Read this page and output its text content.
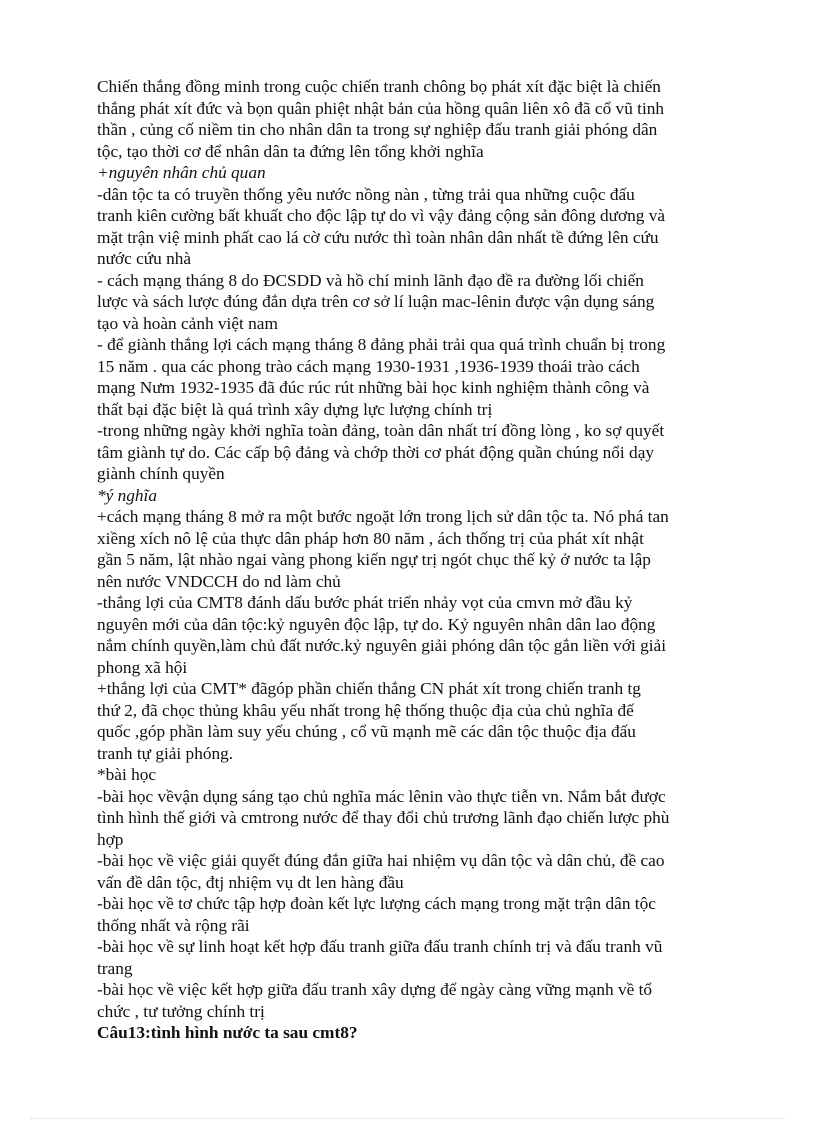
Chiến thắng đồng minh trong cuộc chiến tranh chông bọ phát xít đặc biệt là chiến
thắng phát xít đức và bọn quân phiệt nhật bản của hồng quân liên xô đã cổ vũ tinh
thần , củng cố niềm tin cho nhân dân ta trong sự nghiệp đấu tranh giải phóng dân
tộc, tạo thời cơ để nhân dân ta đứng lên tổng khởi nghĩa
+nguyên nhân chủ quan
-dân tộc ta có truyền thống yêu nước nồng nàn , từng trải qua những cuộc đấu
tranh kiên cường bất khuất cho độc lập tự do vì vậy đảng cộng sản đông dương và
mặt trận việ minh phất cao lá cờ cứu nước thì toàn nhân dân nhất tề đứng lên cứu
nước cứu nhà
- cách mạng tháng 8 do ĐCSDD và hồ chí minh lãnh đạo đề ra đường lối chiến
lược và sách lược đúng đắn dựa trên cơ sở lí luận mac-lênin được vận dụng sáng
tạo và hoàn cảnh việt nam
- để giành thắng lợi cách mạng tháng 8 đảng phải trải qua quá trình chuẩn bị trong
15 năm . qua các phong trào cách mạng 1930-1931 ,1936-1939 thoái trào cách
mạng Nưm 1932-1935 đã đúc rúc rút những bài học kinh nghiệm thành công và
thất bại đặc biệt là quá trình xây dựng lực lượng chính trị
-trong những ngày khởi nghĩa toàn đảng, toàn dân nhất trí đồng lòng , ko sợ quyết
tâm giành tự do. Các cấp bộ đảng và chớp thời cơ phát động quần chúng nổi dạy
giành chính quyền
*ý nghĩa
+cách mạng tháng 8 mở ra một bước ngoặt lớn trong lịch sử dân tộc ta. Nó phá tan
xiềng xích nô lệ của thực dân pháp hơn 80 năm , ách thống trị của phát xít nhật
gần 5 năm, lật nhào ngai vàng phong kiến ngự trị ngót chục thế kỷ ở nước ta lập
nên nước VNDCCH do nd làm chủ
-thắng lợi của CMT8 đánh dấu bước phát triển nhảy vọt của cmvn mở đầu kỷ
nguyên mới của dân tộc:kỷ nguyên độc lập, tự do. Kỷ nguyên nhân dân lao động
nắm chính quyền,làm chủ đất nước.kỷ nguyên giải phóng dân tộc gắn liền với giải
phong xã hội
+thắng lợi của CMT* đãgóp phần chiến thắng CN phát xít trong chiến tranh tg
thứ 2, đã chọc thủng khâu yếu nhất trong hệ thống thuộc địa của chủ nghĩa đế
quốc ,góp phần làm suy yếu chúng , cổ vũ mạnh mẽ các dân tộc thuộc địa đấu
tranh tự giải phóng.
*bài học
-bài học vềvận dụng sáng tạo chủ nghĩa mác lênin vào thực tiễn vn. Nắm bắt được
tình hình thế giới và cmtrong nước để thay đổi chủ trương lãnh đạo chiến lược phù
hợp
-bài học về việc giải quyết đúng đắn giữa hai nhiệm vụ dân tộc và dân chủ, đề cao
vấn đề dân tộc, đtj nhiệm vụ dt len hàng đầu
-bài học về tơ chức tập hợp đoàn kết lực lượng cách mạng trong mặt trận dân tộc
thống nhất và rộng rãi
-bài học về sự linh hoạt kết hợp đấu tranh giữa đấu tranh chính trị và đấu tranh vũ
trang
-bài học về việc kết hợp giữa đấu tranh xây dựng để ngày càng vững mạnh về tổ
chức , tư tưởng chính trị
Câu13:tình hình nước ta sau cmt8?
